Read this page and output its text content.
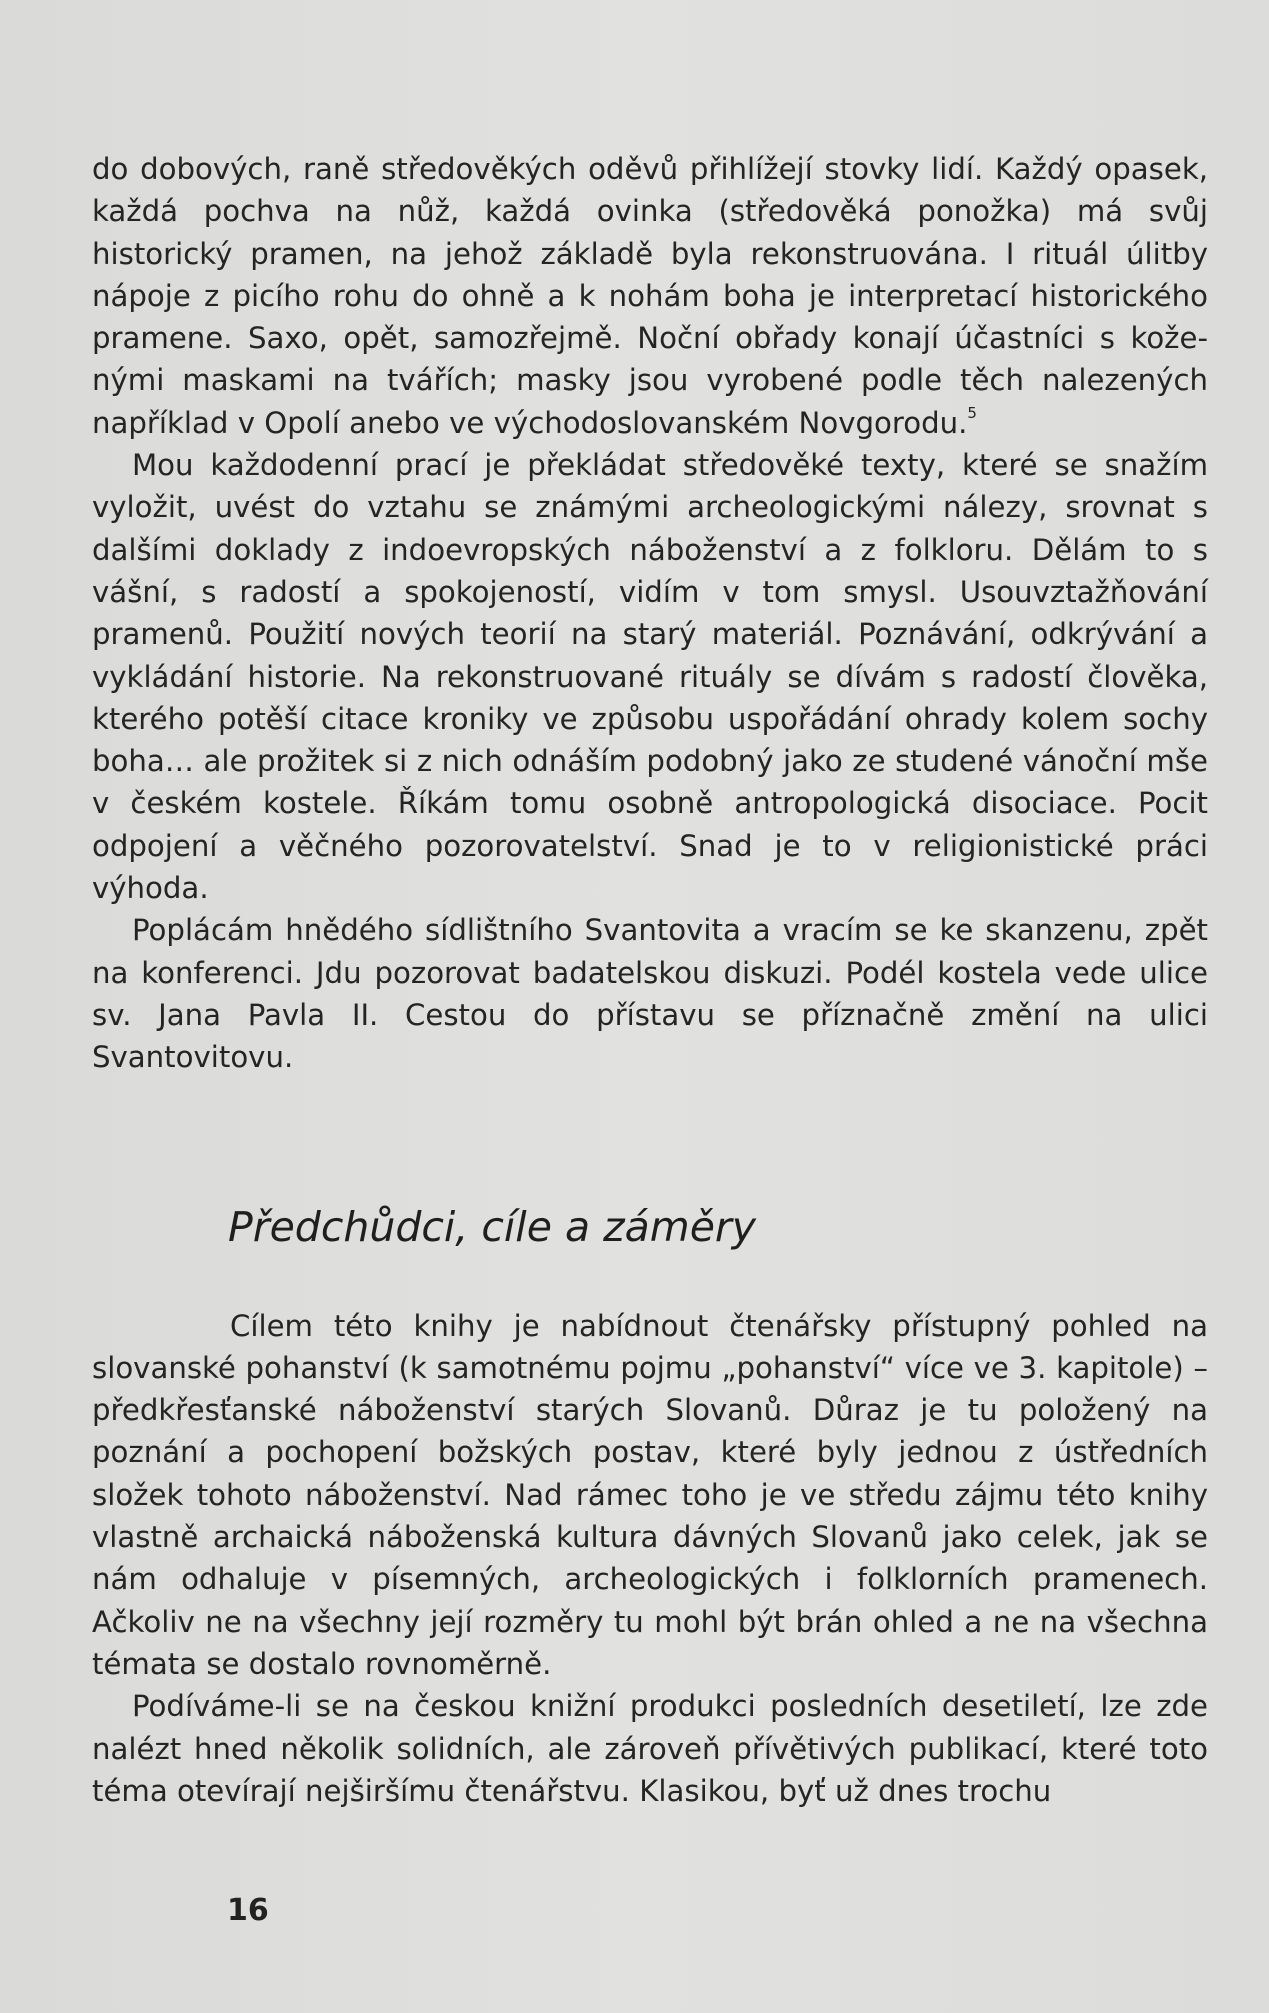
do dobových, raně středověkých oděvů přihlížejí stovky lidí. Každý opasek, každá pochva na nůž, každá ovinka (středověká ponožka) má svůj historický pramen, na jehož základě byla rekonstruována. I rituál úlitby nápoje z picího rohu do ohně a k nohám boha je interpretací historického pramene. Saxo, opět, samozřejmě. Noční obřady konají účastníci s koženými maskami na tvářích; masky jsou vyrobené podle těch nalezených například v Opolí anebo ve východoslovanském Novgorodu.$^5$

Mou každodenní prací je překládat středověké texty, které se snažím vyložit, uvést do vztahu se známými archeologickými nálezy, srovnat s dalšími doklady z indoevropských náboženství a z folkloru. Dělám to s vášní, s radostí a spokojeností, vidím v tom smysl. Usouvztažňování pramenů. Použití nových teorií na starý materiál. Poznávání, odkrývání a vykládání historie. Na rekonstruované rituály se dívám s radostí člověka, kterého potěší citace kroniky ve způsobu uspořádání ohrady kolem sochy boha… ale prožitek si z nich odnáším podobný jako ze studené vánoční mše v českém kostele. Říkám tomu osobně antropologická disociace. Pocit odpojení a věčného pozorovatelství. Snad je to v religionistické práci výhoda.

Poplácám hnědého sídlištního Svantovita a vracím se ke skanzenu, zpět na konferenci. Jdu pozorovat badatelskou diskuzi. Podél kostela vede ulice sv. Jana Pavla II. Cestou do přístavu se příznačně změní na ulici Svantovitovu.

Předchůdci, cíle a záměry

Cílem této knihy je nabídnout čtenářsky přístupný pohled na slovanské pohanství (k samotnému pojmu „pohanství“ více ve 3. kapitole) – předkřesťanské náboženství starých Slovanů. Důraz je tu položený na poznání a pochopení božských postav, které byly jednou z ústředních složek tohoto náboženství. Nad rámec toho je ve středu zájmu této knihy vlastně archaická náboženská kultura dávných Slovanů jako celek, jak se nám odhaluje v písemných, archeologických i folklorních pramenech. Ačkoliv ne na všechny její rozměry tu mohl být brán ohled a ne na všechna témata se dostalo rovnoměrně.

Podíváme-li se na českou knižní produkci posledních desetiletí, lze zde nalézt hned několik solidních, ale zároveň přívětivých publikací, které toto téma otevírají nejširšímu čtenářstvu. Klasikou, byť už dnes trochu

16
